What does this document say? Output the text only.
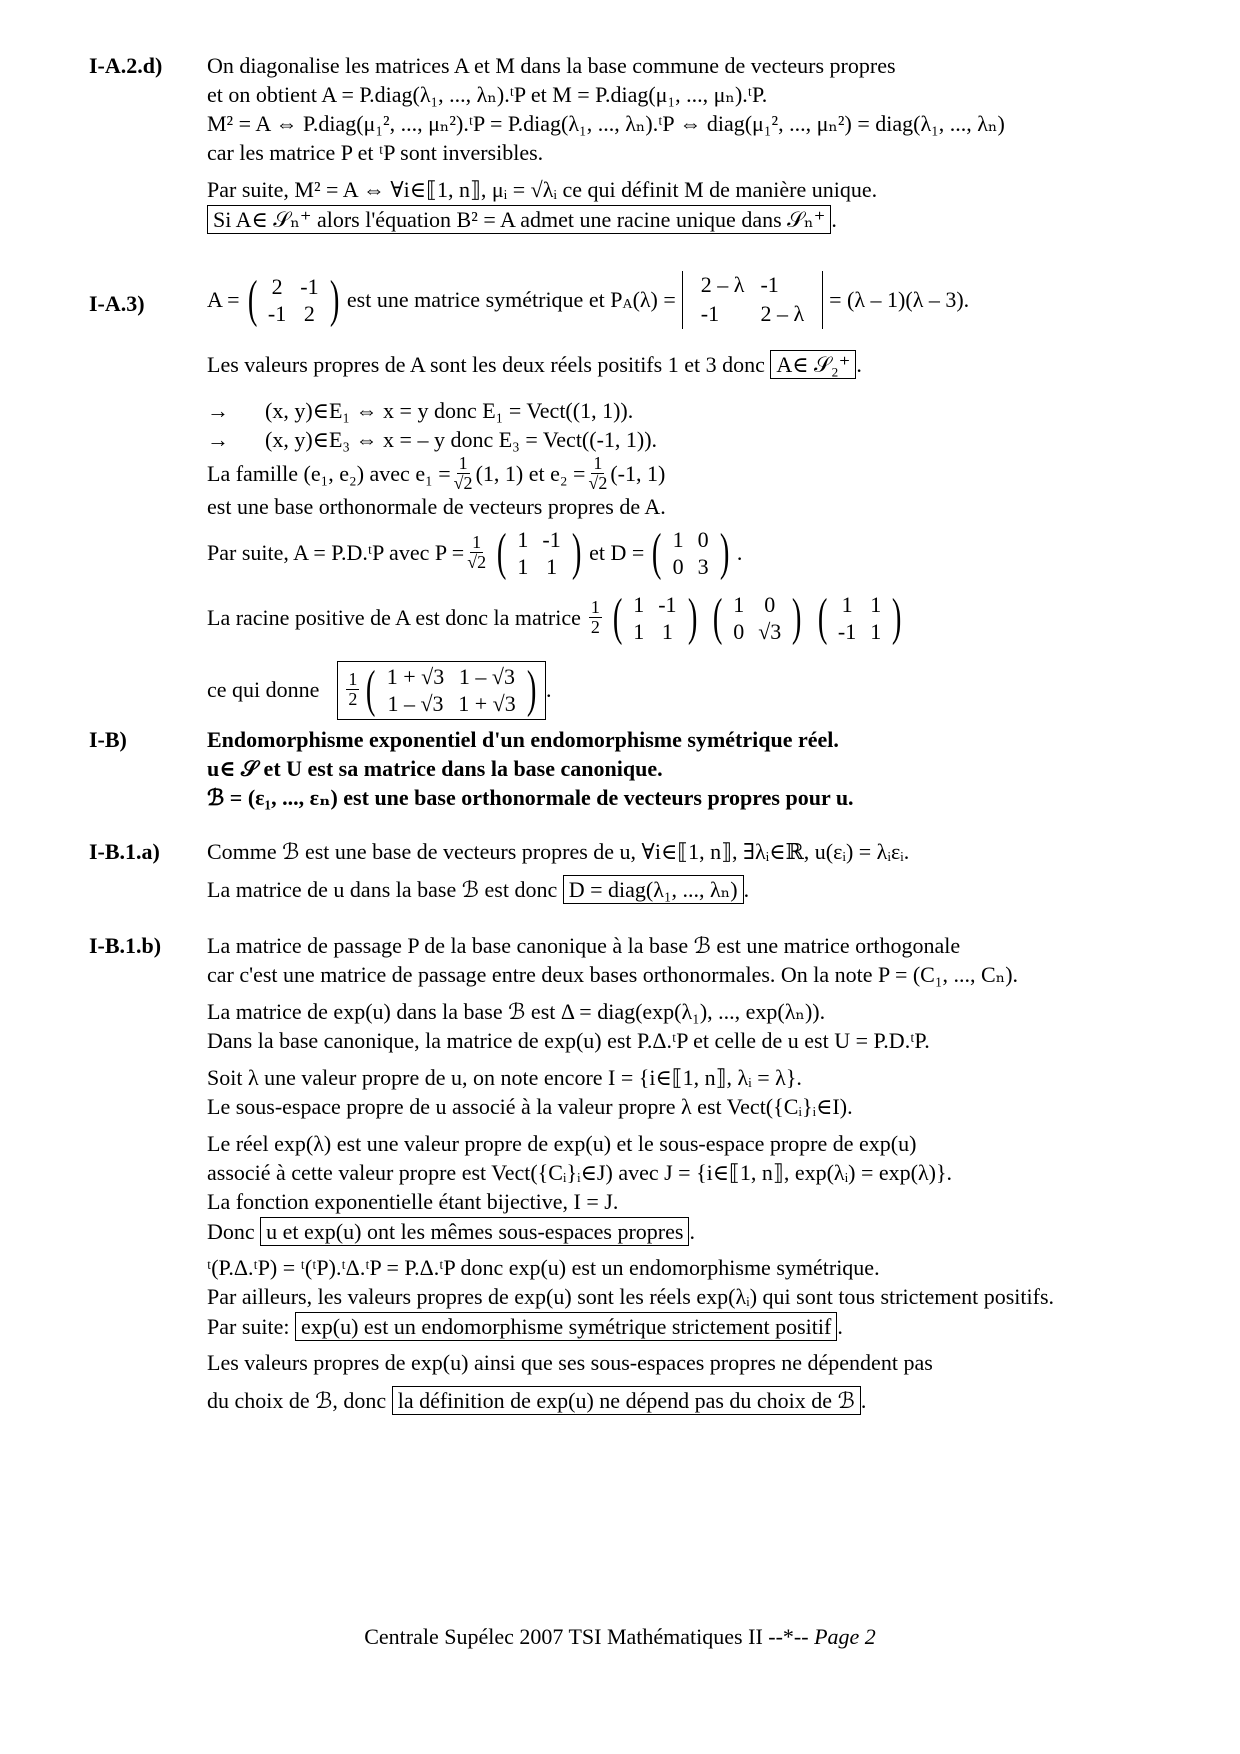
I-A.2.d) On diagonalise les matrices A et M dans la base commune de vecteurs propres
et on obtient A = P.diag(λ₁, ..., λₙ).ᵗP et M = P.diag(μ₁, ..., μₙ).ᵗP.
M² = A ⇔ P.diag(μ₁², ..., μₙ²).ᵗP = P.diag(λ₁, ..., λₙ).ᵗP ⇔ diag(μ₁², ..., μₙ²) = diag(λ₁, ..., λₙ)
car les matrice P et ᵗP sont inversibles.
Par suite, M² = A ⇔ ∀i∈⟦1, n⟧, μᵢ = √λᵢ ce qui définit M de manière unique.
Si A∈ 𝒮ₙ⁺ alors l'équation B² = A admet une racine unique dans 𝒮ₙ⁺ .
I-A.3)	A = ( 2	-1
-1	2 ) est une matrice symétrique et P A (λ) =
2 – λ	-1
-1	2 – λ
= (λ – 1)(λ – 3).
Les valeurs propres de A sont les deux réels positifs 1 et 3 donc A∈ 𝒮₂⁺ .
→ (x, y)∈E₁ ⇔ x = y donc E₁ = Vect((1, 1)).
→ (x, y)∈E₃ ⇔ x = – y donc E₃ = Vect((-1, 1)).
La famille (e₁, e₂) avec $e_1 = \frac{1}{√2} (1$, 1) et $e_2 = \frac{1}{√2} (-1$, 1)
est une base orthonormale de vecteurs propres de A.
Par suite, A = P.D.ᵗP avec $P = \frac{1}{√2}$ ( 1	-1
1	1 ) et D = ( 1	0
0	3 ) .
La racine positive de A est donc la matrice $\frac{1}{2}$ ( 1	-1
1	1 ) ( 1	0
0	√3 ) ( 1	1
-1	1 )
ce qui donne $\frac{1}{2}$ ( 1 + √3	1 – √3
1 – √3	1 + √3 ) .
I-B)	Endomorphisme exponentiel d'un endomorphisme symétrique réel.
u∈ 𝒮 et U est sa matrice dans la base canonique.
ℬ = (ε₁, ..., εₙ) est une base orthonormale de vecteurs propres pour u.
I-B.1.a) Comme ℬ est une base de vecteurs propres de u, ∀i∈⟦1, n⟧, ∃λᵢ∈ℝ, u(εᵢ) = λᵢεᵢ.
La matrice de u dans la base ℬ est donc D = diag(λ₁, ..., λₙ) .
I-B.1.b) La matrice de passage P de la base canonique à la base ℬ est une matrice orthogonale
car c'est une matrice de passage entre deux bases orthonormales. On la note P = (C₁, ..., Cₙ).
La matrice de exp(u) dans la base ℬ est Δ = diag(exp(λ₁), ..., exp(λₙ)).
Dans la base canonique, la matrice de exp(u) est P.Δ.ᵗP et celle de u est U = P.D.ᵗP.
Soit λ une valeur propre de u, on note encore I = {i∈⟦1, n⟧, λᵢ = λ}.
Le sous-espace propre de u associé à la valeur propre λ est Vect({Cᵢ}ᵢ∈I).
Le réel exp(λ) est une valeur propre de exp(u) et le sous-espace propre de exp(u)
associé à cette valeur propre est Vect({Cᵢ}ᵢ∈J) avec J = {i∈⟦1, n⟧, exp(λᵢ) = exp(λ)}.
La fonction exponentielle étant bijective, I = J.
Donc u et exp(u) ont les mêmes sous-espaces propres .
ᵗ(P.Δ.ᵗP) = ᵗ(ᵗP).ᵗΔ.ᵗP = P.Δ.ᵗP donc exp(u) est un endomorphisme symétrique.
Par ailleurs, les valeurs propres de exp(u) sont les réels exp(λᵢ) qui sont tous strictement positifs.
Par suite: exp(u) est un endomorphisme symétrique strictement positif .
Les valeurs propres de exp(u) ainsi que ses sous-espaces propres ne dépendent pas
du choix de ℬ, donc la définition de exp(u) ne dépend pas du choix de ℬ .
Centrale Supélec 2007 TSI Mathématiques II --*-- Page 2
